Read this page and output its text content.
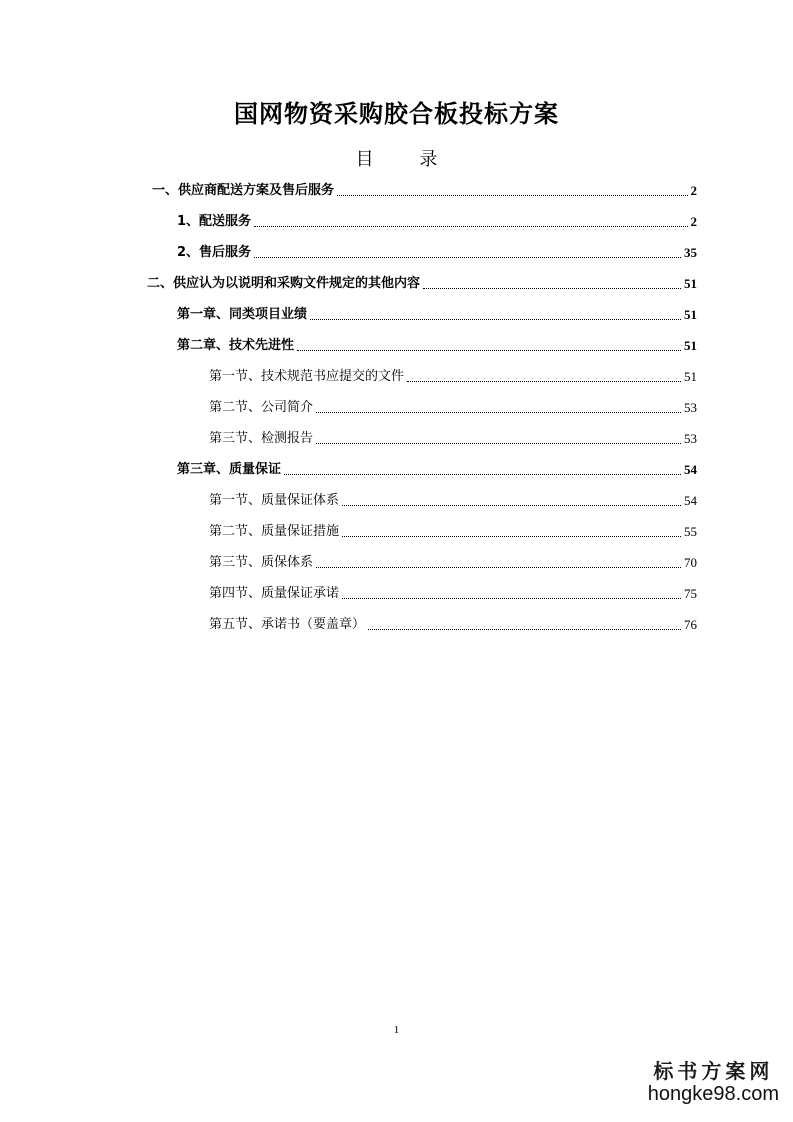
国网物资采购胶合板投标方案
目 录
一、供应商配送方案及售后服务	2
1、配送服务	2
2、售后服务	35
二、供应认为以说明和采购文件规定的其他内容	51
第一章、同类项目业绩	51
第二章、技术先进性	51
第一节、技术规范书应提交的文件	51
第二节、公司简介	53
第三节、检测报告	53
第三章、质量保证	54
第一节、质量保证体系	54
第二节、质量保证措施	55
第三节、质保体系	70
第四节、质量保证承诺	75
第五节、承诺书（要盖章）	76
1
标书方案网
hongke98.com
